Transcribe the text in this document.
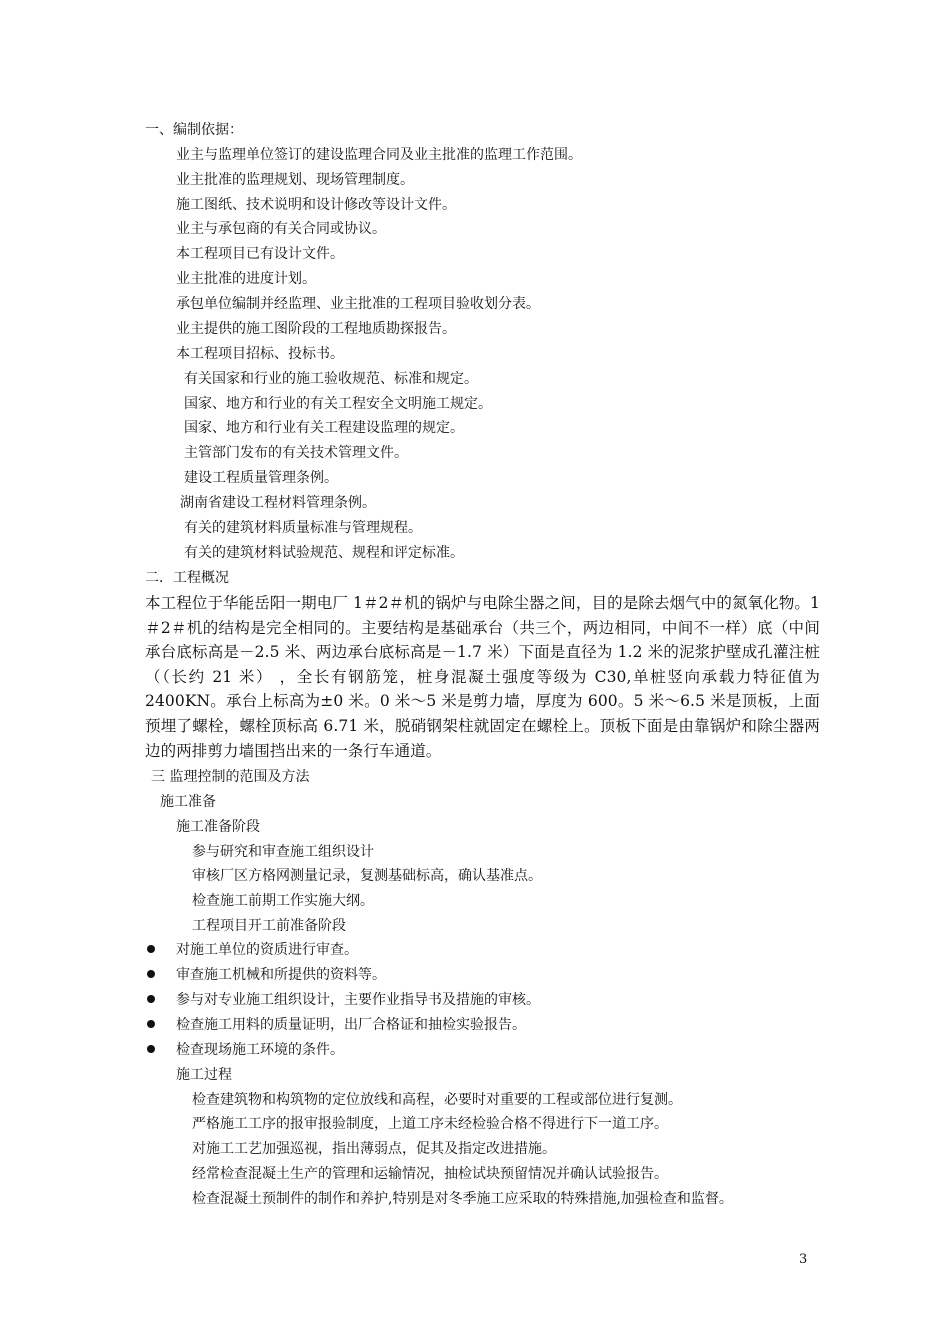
一、编制依据：
业主与监理单位签订的建设监理合同及业主批准的监理工作范围。
业主批准的监理规划、现场管理制度。
施工图纸、技术说明和设计修改等设计文件。
业主与承包商的有关合同或协议。
本工程项目已有设计文件。
业主批准的进度计划。
承包单位编制并经监理、业主批准的工程项目验收划分表。
业主提供的施工图阶段的工程地质勘探报告。
本工程项目招标、投标书。
有关国家和行业的施工验收规范、标准和规定。
国家、地方和行业的有关工程安全文明施工规定。
国家、地方和行业有关工程建设监理的规定。
主管部门发布的有关技术管理文件。
建设工程质量管理条例。
湖南省建设工程材料管理条例。
有关的建筑材料质量标准与管理规程。
有关的建筑材料试验规范、规程和评定标准。
二．工程概况
本工程位于华能岳阳一期电厂 1＃2＃机的锅炉与电除尘器之间，目的是除去烟气中的氮氧化物。1＃2＃机的结构是完全相同的。主要结构是基础承台（共三个，两边相同，中间不一样）底（中间承台底标高是－2.5 米、两边承台底标高是－1.7 米）下面是直径为 1.2 米的泥浆护壁成孔灌注桩（（长约 21 米） ，全长有钢筋笼，桩身混凝土强度等级为 C30,单桩竖向承载力特征值为 2400KN。承台上标高为±0 米。0 米～5 米是剪力墙，厚度为 600。5 米～6.5 米是顶板，上面预埋了螺栓，螺栓顶标高 6.71 米，脱硝钢架柱就固定在螺栓上。顶板下面是由靠锅炉和除尘器两边的两排剪力墙围挡出来的一条行车通道。
三 监理控制的范围及方法
施工准备
施工准备阶段
参与研究和审查施工组织设计
审核厂区方格网测量记录，复测基础标高，确认基准点。
检查施工前期工作实施大纲。
工程项目开工前准备阶段
对施工单位的资质进行审查。
审查施工机械和所提供的资料等。
参与对专业施工组织设计，主要作业指导书及措施的审核。
检查施工用料的质量证明，出厂合格证和抽检实验报告。
检查现场施工环境的条件。
施工过程
检查建筑物和构筑物的定位放线和高程，必要时对重要的工程或部位进行复测。
严格施工工序的报审报验制度，上道工序未经检验合格不得进行下一道工序。
对施工工艺加强巡视，指出薄弱点，促其及指定改进措施。
经常检查混凝土生产的管理和运输情况，抽检试块预留情况并确认试验报告。
检查混凝土预制件的制作和养护,特别是对冬季施工应采取的特殊措施,加强检查和监督。
3
